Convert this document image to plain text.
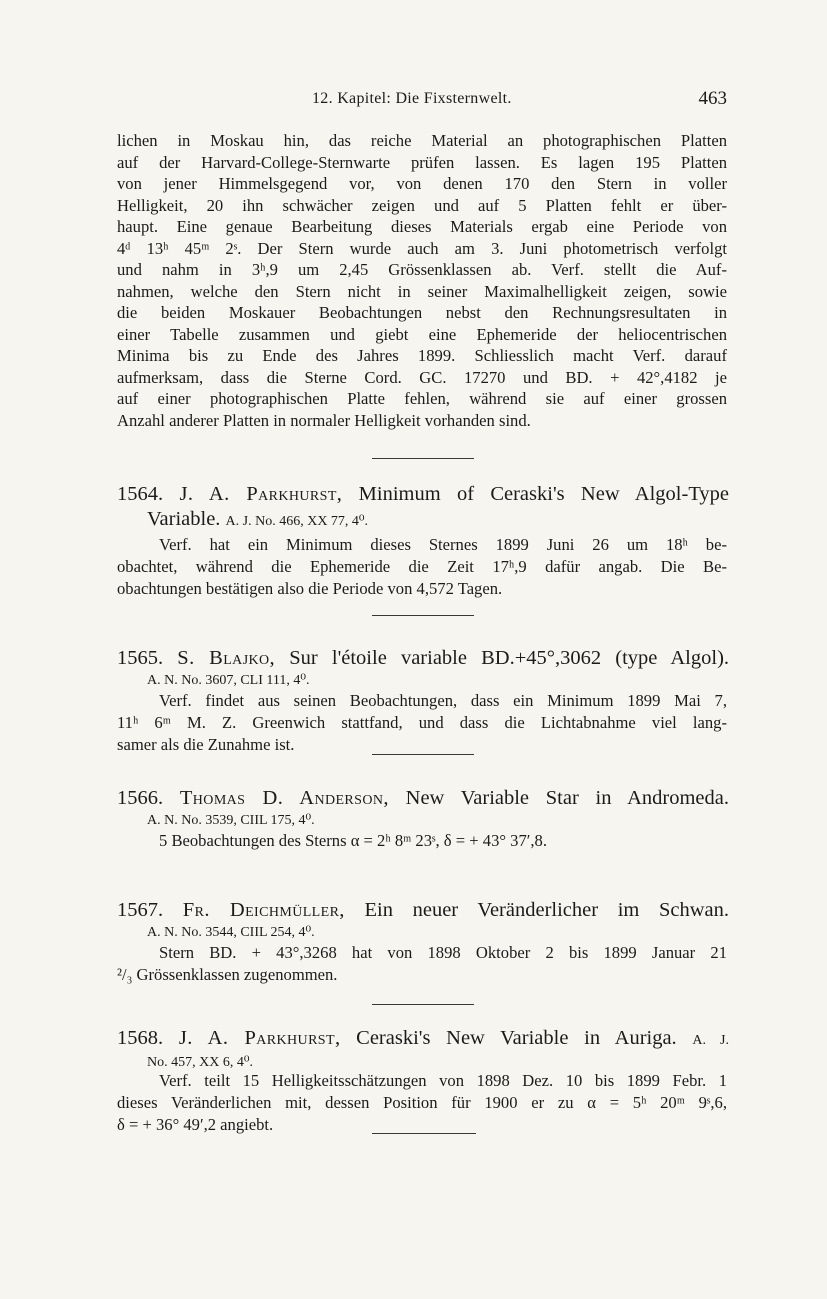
12. Kapitel: Die Fixsternwelt.	463
lichen in Moskau hin, das reiche Material an photographischen Platten
auf der Harvard-College-Sternwarte prüfen lassen. Es lagen 195 Platten
von jener Himmelsgegend vor, von denen 170 den Stern in voller
Helligkeit, 20 ihn schwächer zeigen und auf 5 Platten fehlt er über-
haupt. Eine genaue Bearbeitung dieses Materials ergab eine Periode von
4ᵈ 13ʰ 45ᵐ 2ˢ. Der Stern wurde auch am 3. Juni photometrisch verfolgt
und nahm in 3ʰ,9 um 2,45 Grössenklassen ab. Verf. stellt die Auf-
nahmen, welche den Stern nicht in seiner Maximalhelligkeit zeigen, sowie
die beiden Moskauer Beobachtungen nebst den Rechnungsresultaten in
einer Tabelle zusammen und giebt eine Ephemeride der heliocentrischen
Minima bis zu Ende des Jahres 1899. Schliesslich macht Verf. darauf
aufmerksam, dass die Sterne Cord. GC. 17270 und BD. + 42°,4182 je
auf einer photographischen Platte fehlen, während sie auf einer grossen
Anzahl anderer Platten in normaler Helligkeit vorhanden sind.
1564. J. A. Parkhurst, Minimum of Ceraski's New Algol-Type
Variable. A. J. No. 466, XX 77, 4⁰.
Verf. hat ein Minimum dieses Sternes 1899 Juni 26 um 18ʰ be-
obachtet, während die Ephemeride die Zeit 17ʰ,9 dafür angab. Die Be-
obachtungen bestätigen also die Periode von 4,572 Tagen.
1565. S. Blajko, Sur l'étoile variable BD.+45°,3062 (type Algol).
A. N. No. 3607, CLI 111, 4⁰.
Verf. findet aus seinen Beobachtungen, dass ein Minimum 1899 Mai 7,
11ʰ 6ᵐ M. Z. Greenwich stattfand, und dass die Lichtabnahme viel lang-
samer als die Zunahme ist.
1566. Thomas D. Anderson, New Variable Star in Andromeda.
A. N. No. 3539, CIIL 175, 4⁰.
5 Beobachtungen des Sterns α = 2ʰ 8ᵐ 23ˢ, δ = + 43° 37′,8.
1567. Fr. Deichmüller, Ein neuer Veränderlicher im Schwan.
A. N. No. 3544, CIIL 254, 4⁰.
Stern BD. + 43°,3268 hat von 1898 Oktober 2 bis 1899 Januar 21
²/₃ Grössenklassen zugenommen.
1568. J. A. Parkhurst, Ceraski's New Variable in Auriga. A. J.
No. 457, XX 6, 4⁰.
Verf. teilt 15 Helligkeitsschätzungen von 1898 Dez. 10 bis 1899 Febr. 1
dieses Veränderlichen mit, dessen Position für 1900 er zu α = 5ʰ 20ᵐ 9ˢ,6,
δ = + 36° 49′,2 angiebt.
